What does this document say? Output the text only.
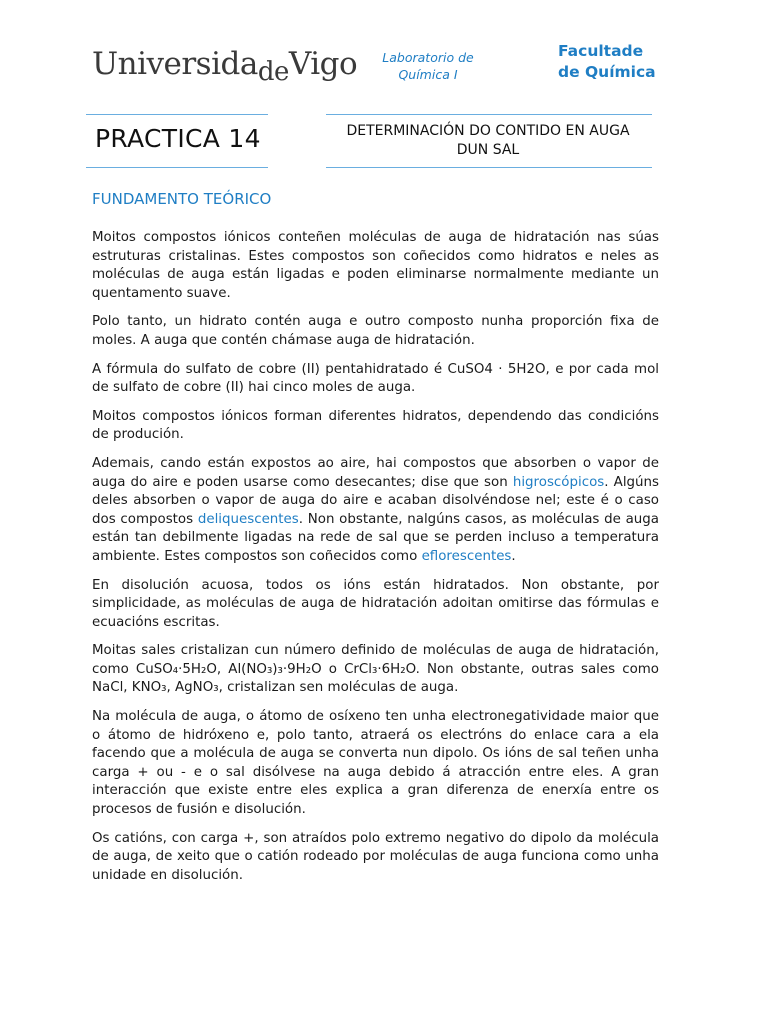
UniversidadeVigo	Laboratorio de
Química I
Facultade
de Química
PRACTICA 14	DETERMINACIÓN DO CONTIDO EN AUGA
DUN SAL
FUNDAMENTO TEÓRICO

Moitos compostos iónicos conteñen moléculas de auga de hidratación nas súas estruturas cristalinas. Estes compostos son coñecidos como hidratos e neles as moléculas de auga están ligadas e poden eliminarse normalmente mediante un quentamento suave.

Polo tanto, un hidrato contén auga e outro composto nunha proporción fixa de moles. A auga que contén chámase auga de hidratación.

A fórmula do sulfato de cobre (II) pentahidratado é CuSO4 · 5H2O, e por cada mol de sulfato de cobre (II) hai cinco moles de auga.

Moitos compostos iónicos forman diferentes hidratos, dependendo das condicións de produción.

Ademais, cando están expostos ao aire, hai compostos que absorben o vapor de auga do aire e poden usarse como desecantes; dise que son higroscópicos. Algúns deles absorben o vapor de auga do aire e acaban disolvéndose nel; este é o caso dos compostos deliquescentes. Non obstante, nalgúns casos, as moléculas de auga están tan debilmente ligadas na rede de sal que se perden incluso a temperatura ambiente. Estes compostos son coñecidos como eflorescentes.

En disolución acuosa, todos os ións están hidratados. Non obstante, por simplicidade, as moléculas de auga de hidratación adoitan omitirse das fórmulas e ecuacións escritas.

Moitas sales cristalizan cun número definido de moléculas de auga de hidratación, como CuSO₄·5H₂O, Al(NO₃)₃·9H₂O o CrCl₃·6H₂O. Non obstante, outras sales como NaCl, KNO₃, AgNO₃, cristalizan sen moléculas de auga.

Na molécula de auga, o átomo de osíxeno ten unha electronegatividade maior que o átomo de hidróxeno e, polo tanto, atraerá os electróns do enlace cara a ela facendo que a molécula de auga se converta nun dipolo. Os ións de sal teñen unha carga + ou - e o sal disólvese na auga debido á atracción entre eles. A gran interacción que existe entre eles explica a gran diferenza de enerxía entre os procesos de fusión e disolución.

Os catións, con carga +, son atraídos polo extremo negativo do dipolo da molécula de auga, de xeito que o catión rodeado por moléculas de auga funciona como unha unidade en disolución.
